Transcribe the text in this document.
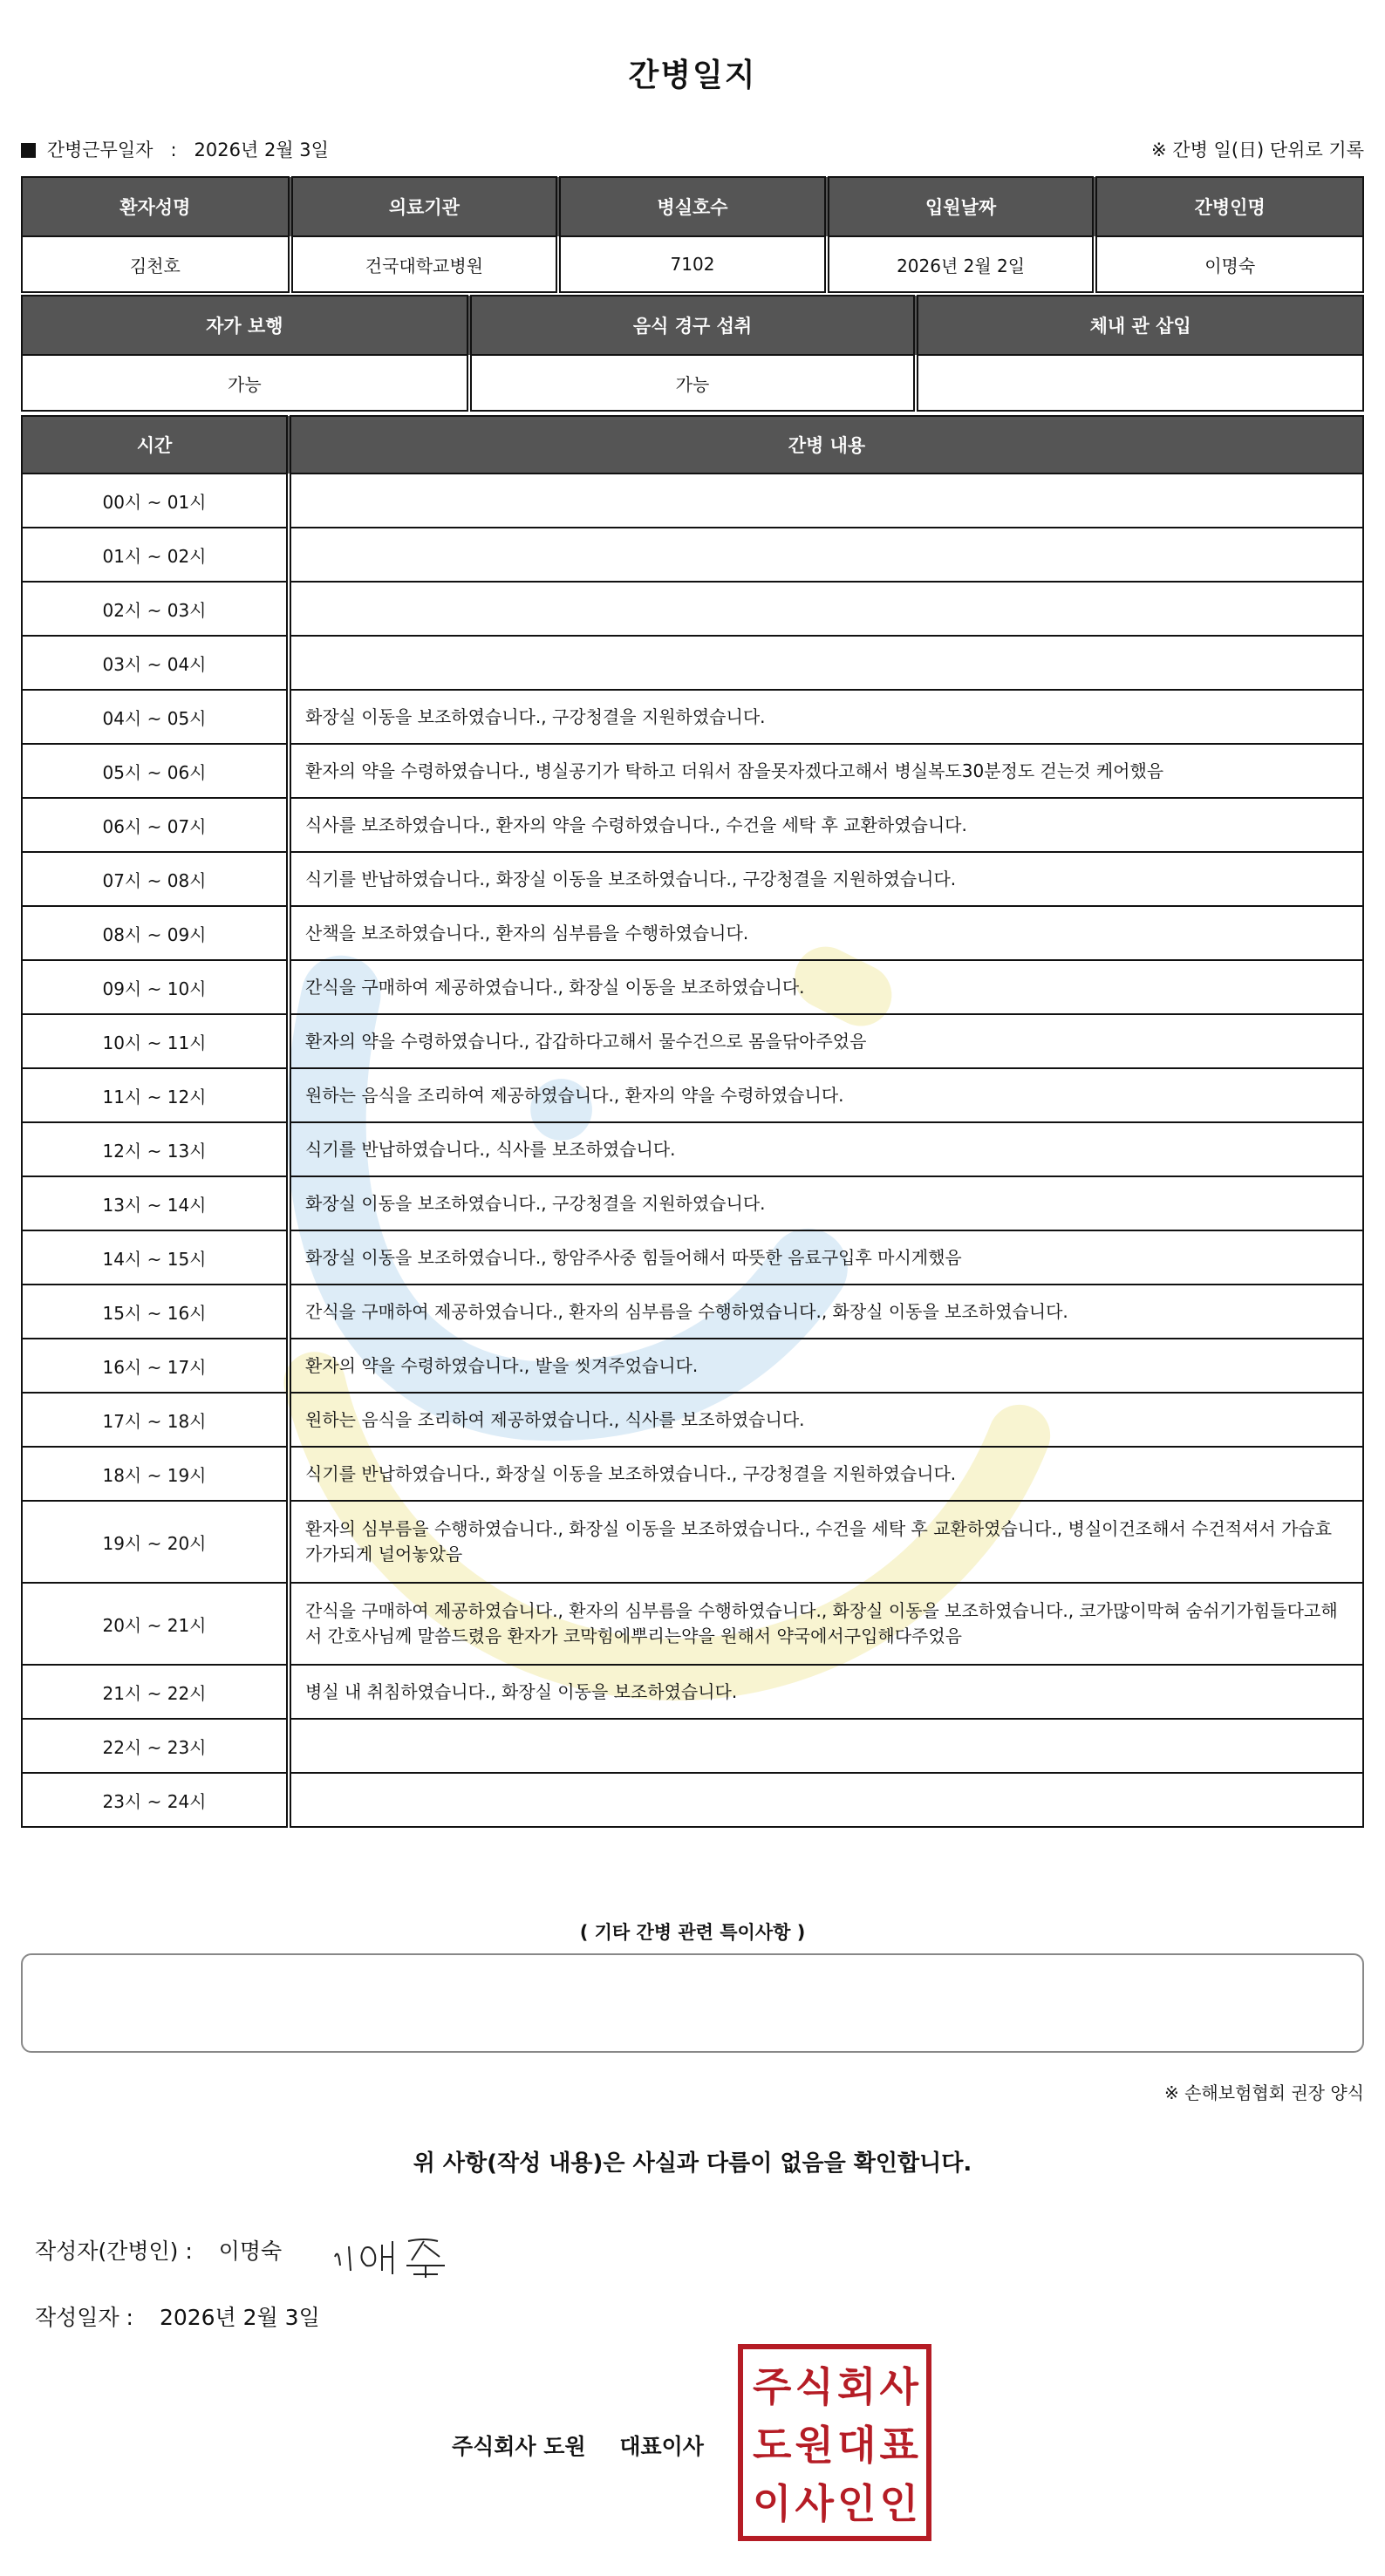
간병일지
간병근무일자 : 2026년 2월 3일	※ 간병 일(日) 단위로 기록
환자성명	의료기관	병실호수	입원날짜	간병인명
김천호	건국대학교병원	7102	2026년 2월 2일	이명숙
자가 보행	음식 경구 섭취	체내 관 삽입
가능	가능	
시간	간병 내용
00시 ~ 01시	
01시 ~ 02시	
02시 ~ 03시	
03시 ~ 04시	
04시 ~ 05시	화장실 이동을 보조하였습니다., 구강청결을 지원하였습니다.
05시 ~ 06시	환자의 약을 수령하였습니다., 병실공기가 탁하고 더워서 잠을못자겠다고해서 병실복도30분정도 걷는것 케어했음
06시 ~ 07시	식사를 보조하였습니다., 환자의 약을 수령하였습니다., 수건을 세탁 후 교환하였습니다.
07시 ~ 08시	식기를 반납하였습니다., 화장실 이동을 보조하였습니다., 구강청결을 지원하였습니다.
08시 ~ 09시	산책을 보조하였습니다., 환자의 심부름을 수행하였습니다.
09시 ~ 10시	간식을 구매하여 제공하였습니다., 화장실 이동을 보조하였습니다.
10시 ~ 11시	환자의 약을 수령하였습니다., 갑갑하다고해서 물수건으로 몸을닦아주었음
11시 ~ 12시	원하는 음식을 조리하여 제공하였습니다., 환자의 약을 수령하였습니다.
12시 ~ 13시	식기를 반납하였습니다., 식사를 보조하였습니다.
13시 ~ 14시	화장실 이동을 보조하였습니다., 구강청결을 지원하였습니다.
14시 ~ 15시	화장실 이동을 보조하였습니다., 항암주사중 힘들어해서 따뜻한 음료구입후 마시게했음
15시 ~ 16시	간식을 구매하여 제공하였습니다., 환자의 심부름을 수행하였습니다., 화장실 이동을 보조하였습니다.
16시 ~ 17시	환자의 약을 수령하였습니다., 발을 씻겨주었습니다.
17시 ~ 18시	원하는 음식을 조리하여 제공하였습니다., 식사를 보조하였습니다.
18시 ~ 19시	식기를 반납하였습니다., 화장실 이동을 보조하였습니다., 구강청결을 지원하였습니다.
19시 ~ 20시	환자의 심부름을 수행하였습니다., 화장실 이동을 보조하였습니다., 수건을 세탁 후 교환하였습니다., 병실이건조해서 수건적셔서 가습효가가되게 널어놓았음
20시 ~ 21시	간식을 구매하여 제공하였습니다., 환자의 심부름을 수행하였습니다., 화장실 이동을 보조하였습니다., 코가많이막혀 숨쉬기가힘들다고해서 간호사님께 말씀드렸음 환자가 코막힘에뿌리는약을 원해서 약국에서구입해다주었음
21시 ~ 22시	병실 내 취침하였습니다., 화장실 이동을 보조하였습니다.
22시 ~ 23시	
23시 ~ 24시	
( 기타 간병 관련 특이사항 )
※ 손해보험협회 권장 양식
위 사항(작성 내용)은 사실과 다름이 없음을 확인합니다.
작성자(간병인) : 이명숙
작성일자 : 2026년 2월 3일
주식회사 도원 대표이사
주 식 회 사
도 원 대 표
이 사 인 인
